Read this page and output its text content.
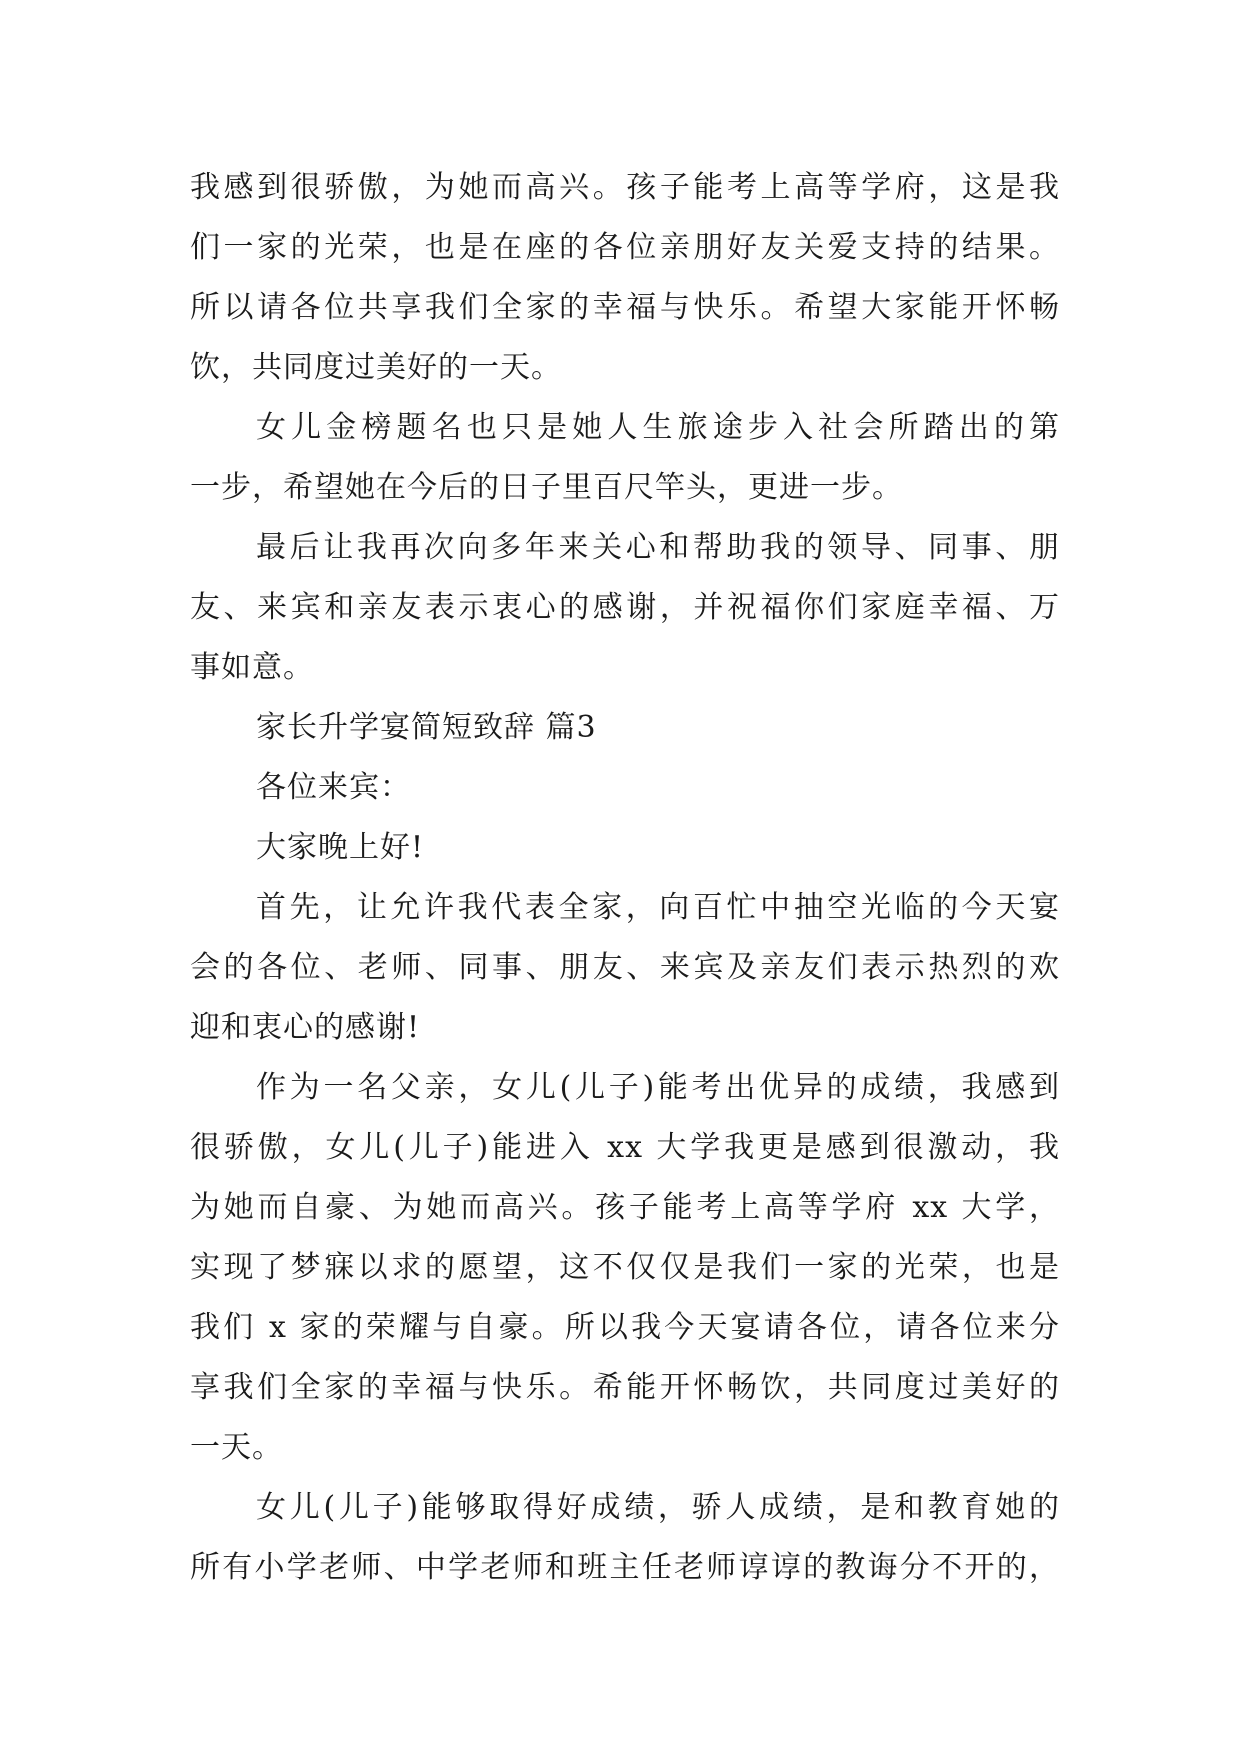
我感到很骄傲，为她而高兴。孩子能考上高等学府，这是我
们一家的光荣，也是在座的各位亲朋好友关爱支持的结果。
所以请各位共享我们全家的幸福与快乐。希望大家能开怀畅
饮，共同度过美好的一天。
女儿金榜题名也只是她人生旅途步入社会所踏出的第
一步，希望她在今后的日子里百尺竿头，更进一步。
最后让我再次向多年来关心和帮助我的领导、同事、朋
友、来宾和亲友表示衷心的感谢，并祝福你们家庭幸福、万
事如意。
家长升学宴简短致辞 篇3
各位来宾：
大家晚上好!
首先，让允许我代表全家，向百忙中抽空光临的今天宴
会的各位、老师、同事、朋友、来宾及亲友们表示热烈的欢
迎和衷心的感谢!
作为一名父亲，女儿(儿子)能考出优异的成绩，我感到
很骄傲，女儿(儿子)能进入 xx 大学我更是感到很激动，我
为她而自豪、为她而高兴。孩子能考上高等学府 xx 大学，
实现了梦寐以求的愿望，这不仅仅是我们一家的光荣，也是
我们 x 家的荣耀与自豪。所以我今天宴请各位，请各位来分
享我们全家的幸福与快乐。希能开怀畅饮，共同度过美好的
一天。
女儿(儿子)能够取得好成绩，骄人成绩，是和教育她的
所有小学老师、中学老师和班主任老师谆谆的教诲分不开的，
